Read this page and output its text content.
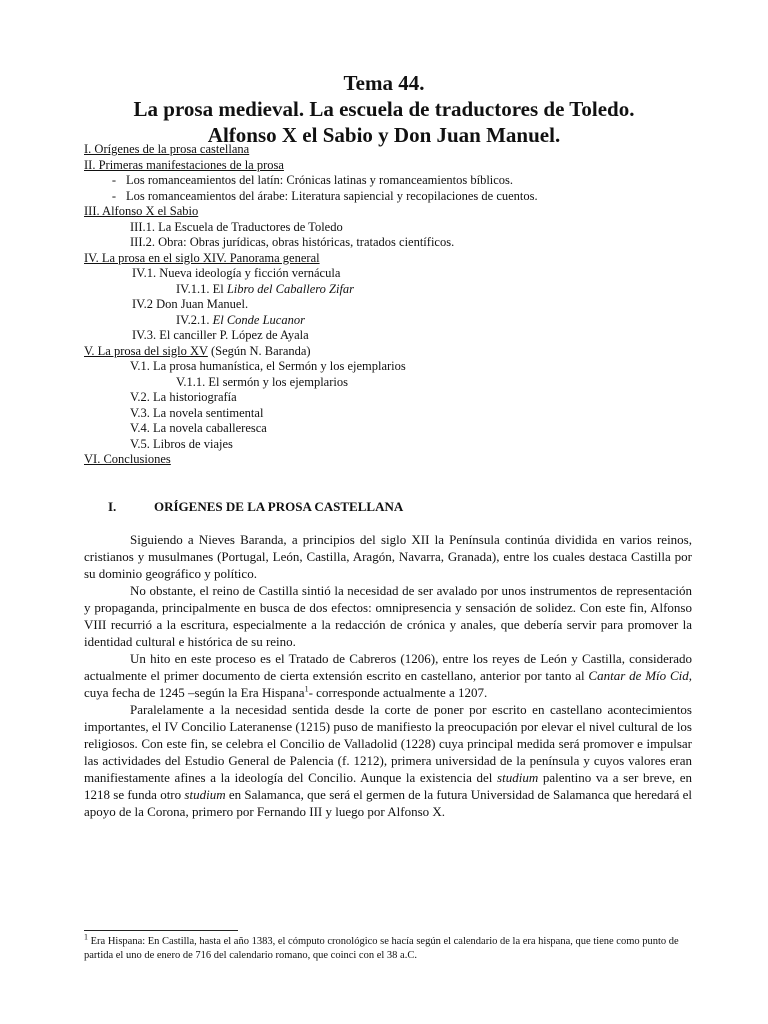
Tema 44.
La prosa medieval. La escuela de traductores de Toledo.
Alfonso X el Sabio y Don Juan Manuel.
I. Orígenes de la prosa castellana
II. Primeras manifestaciones de la prosa
- Los romanceamientos del latín: Crónicas latinas y romanceamientos bíblicos.
- Los romanceamientos del árabe: Literatura sapiencial y recopilaciones de cuentos.
III. Alfonso X el Sabio
III.1. La Escuela de Traductores de Toledo
III.2. Obra: Obras jurídicas, obras históricas, tratados científicos.
IV. La prosa en el siglo XIV. Panorama general
IV.1. Nueva ideología y ficción vernácula
IV.1.1. El Libro del Caballero Zifar
IV.2 Don Juan Manuel.
IV.2.1. El Conde Lucanor
IV.3. El canciller P. López de Ayala
V. La prosa del siglo XV (Según N. Baranda)
V.1. La prosa humanística, el Sermón y los ejemplarios
V.1.1. El sermón y los ejemplarios
V.2. La historiografía
V.3. La novela sentimental
V.4. La novela caballeresca
V.5. Libros de viajes
VI. Conclusiones
I.	ORÍGENES DE LA PROSA CASTELLANA

Siguiendo a Nieves Baranda, a principios del siglo XII la Península continúa dividida en varios reinos, cristianos y musulmanes (Portugal, León, Castilla, Aragón, Navarra, Granada), entre los cuales destaca Castilla por su dominio geográfico y político.

No obstante, el reino de Castilla sintió la necesidad de ser avalado por unos instrumentos de representación y propaganda, principalmente en busca de dos efectos: omnipresencia y sensación de solidez. Con este fin, Alfonso VIII recurrió a la escritura, especialmente a la redacción de crónica y anales, que debería servir para promover la identidad cultural e histórica de su reino.

Un hito en este proceso es el Tratado de Cabreros (1206), entre los reyes de León y Castilla, considerado actualmente el primer documento de cierta extensión escrito en castellano, anterior por tanto al Cantar de Mío Cid, cuya fecha de 1245 –según la Era Hispana$^1$- corresponde actualmente a 1207.

Paralelamente a la necesidad sentida desde la corte de poner por escrito en castellano acontecimientos importantes, el IV Concilio Lateranense (1215) puso de manifiesto la preocupación por elevar el nivel cultural de los religiosos. Con este fin, se celebra el Concilio de Valladolid (1228) cuya principal medida será promover e impulsar las actividades del Estudio General de Palencia (f. 1212), primera universidad de la península y cuyos valores eran manifiestamente afines a la ideología del Concilio. Aunque la existencia del studium palentino va a ser breve, en 1218 se funda otro studium en Salamanca, que será el germen de la futura Universidad de Salamanca que heredará el apoyo de la Corona, primero por Fernando III y luego por Alfonso X.

$^1$ Era Hispana: En Castilla, hasta el año 1383, el cómputo cronológico se hacía según el calendario de la era hispana, que tiene como punto de partida el uno de enero de 716 del calendario romano, que coinci con el 38 a.C.
